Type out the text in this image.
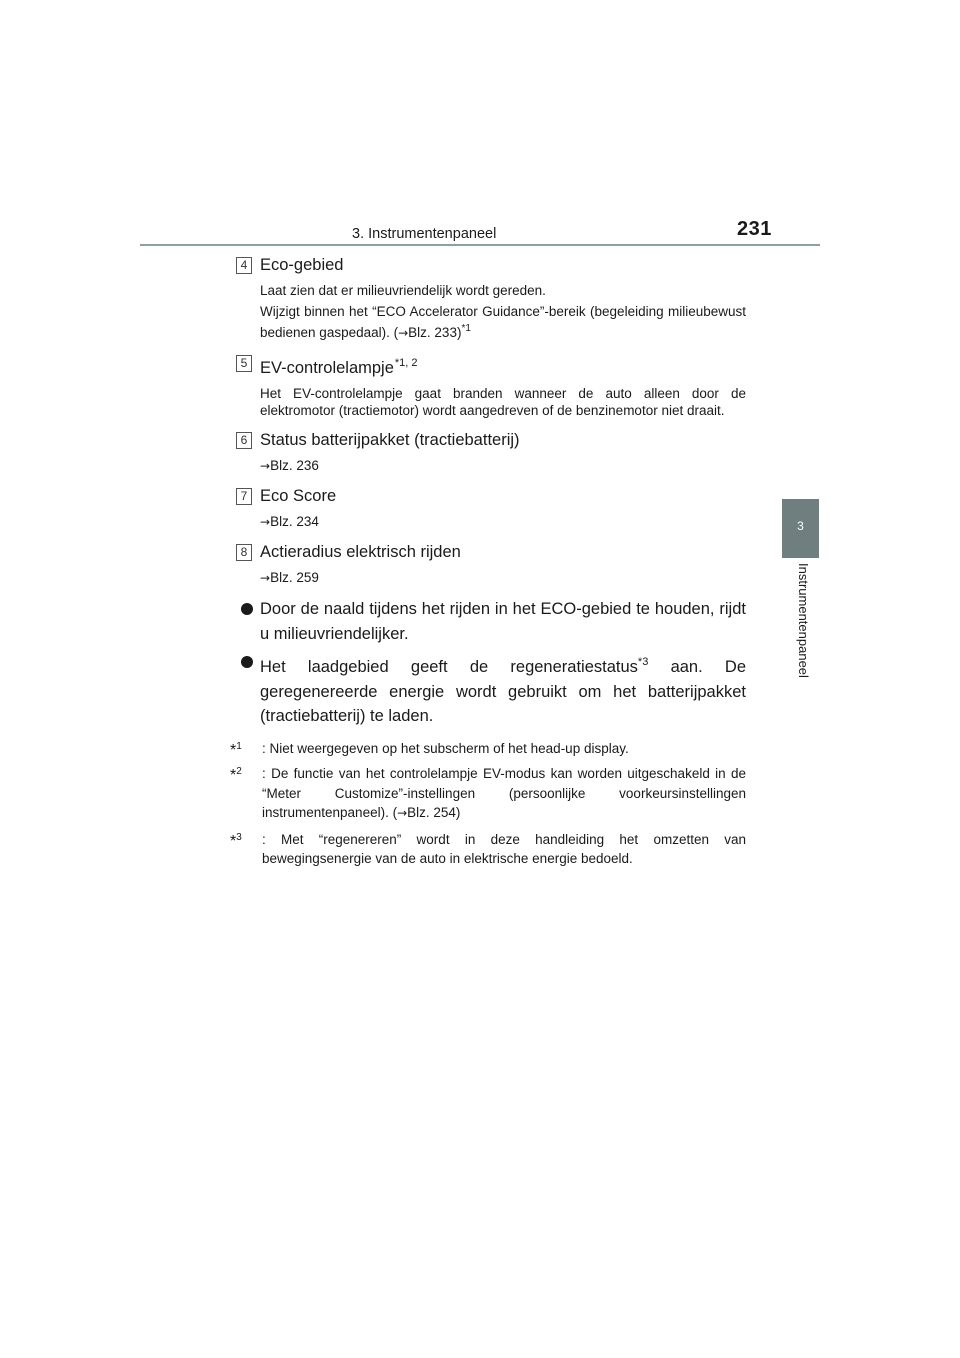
3. Instrumentenpaneel	231
3
Instrumentenpaneel
4 Eco-gebied

Laat zien dat er milieuvriendelijk wordt gereden.

Wijzigt binnen het “ECO Accelerator Guidance”-bereik (begeleiding milieubewust bedienen gaspedaal). (→Blz. 233)$^{*1}$

5 EV-controlelampje$^{*1, 2}$

Het EV-controlelampje gaat branden wanneer de auto alleen door de elektromotor (tractiemotor) wordt aangedreven of de benzinemotor niet draait.

6 Status batterijpakket (tractiebatterij)

→Blz. 236

7 Eco Score

→Blz. 234

8 Actieradius elektrisch rijden

→Blz. 259

Door de naald tijdens het rijden in het ECO-gebied te houden, rijdt u milieuvriendelijker.
Het laadgebied geeft de regeneratiestatus$^{*3}$ aan. De geregenereerde energie wordt gebruikt om het batterijpakket (tractiebatterij) te laden.
*$^1$ : Niet weergegeven op het subscherm of het head-up display.
*$^2$ : De functie van het controlelampje EV-modus kan worden uitgeschakeld in de “Meter Customize”-instellingen (persoonlijke voorkeursinstellingen instrumentenpaneel). (→Blz. 254)
*$^3$ : Met “regenereren” wordt in deze handleiding het omzetten van bewegingsenergie van de auto in elektrische energie bedoeld.
